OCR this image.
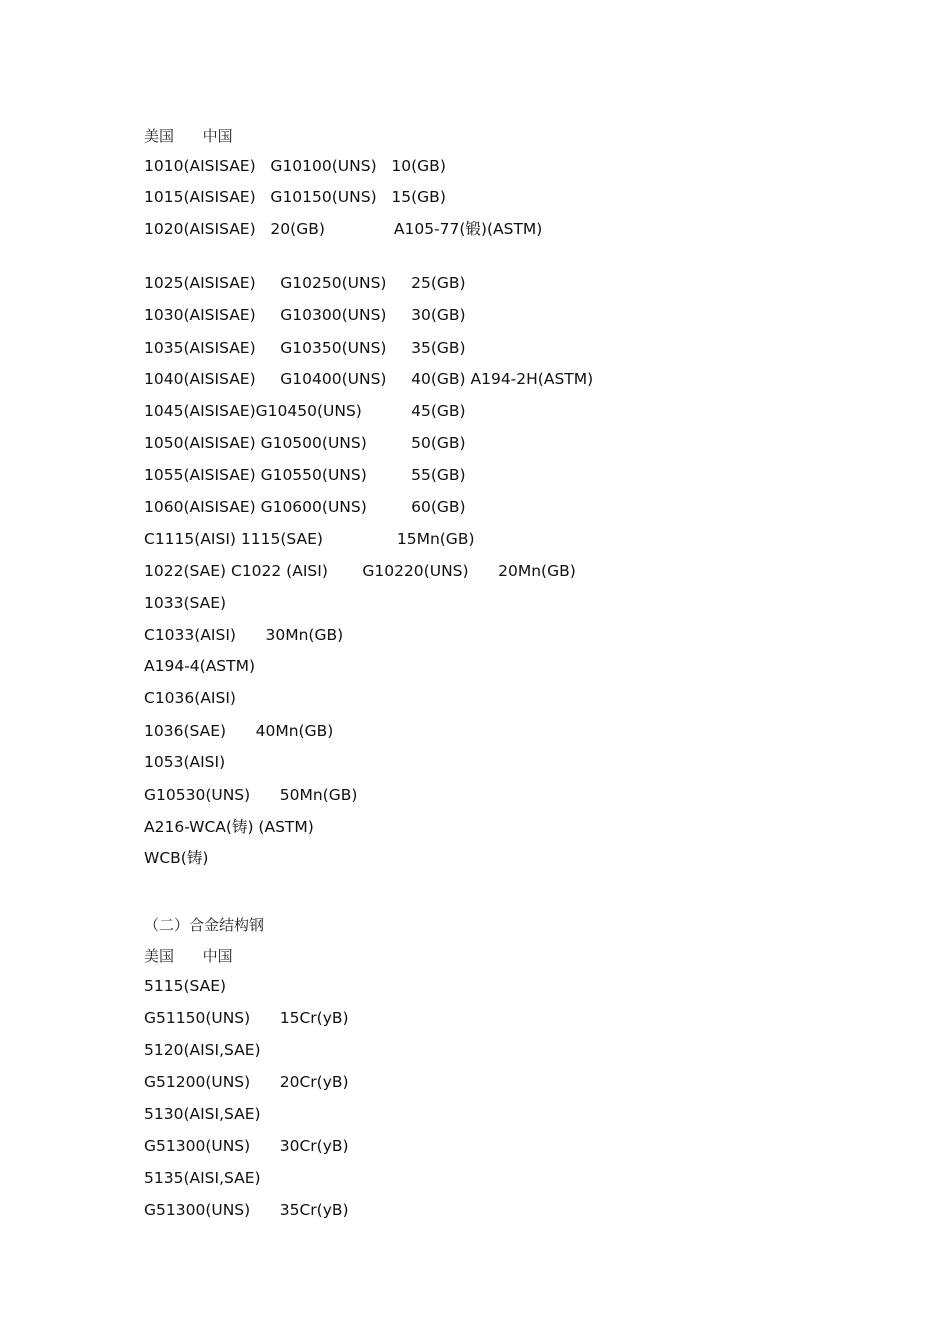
美国      中国
1010(AISISAE)   G10100(UNS)   10(GB)
1015(AISISAE)   G10150(UNS)   15(GB)
1020(AISISAE)   20(GB)              A105-77(锻)(ASTM)
1025(AISISAE)     G10250(UNS)     25(GB)
1030(AISISAE)     G10300(UNS)     30(GB)
1035(AISISAE)     G10350(UNS)     35(GB)
1040(AISISAE)     G10400(UNS)     40(GB) A194-2H(ASTM)
1045(AISISAE)G10450(UNS)          45(GB)
1050(AISISAE) G10500(UNS)         50(GB)
1055(AISISAE) G10550(UNS)         55(GB)
1060(AISISAE) G10600(UNS)         60(GB)
C1115(AISI) 1115(SAE)               15Mn(GB)
1022(SAE) C1022 (AISI)       G10220(UNS)      20Mn(GB)
1033(SAE)
C1033(AISI)      30Mn(GB)
A194-4(ASTM)
C1036(AISI)
1036(SAE)      40Mn(GB)
1053(AISI)
G10530(UNS)      50Mn(GB)
A216-WCA(铸) (ASTM)
WCB(铸)
（二）合金结构钢
美国      中国
5115(SAE)
G51150(UNS)      15Cr(yB)
5120(AISI,SAE)
G51200(UNS)      20Cr(yB)
5130(AISI,SAE)
G51300(UNS)      30Cr(yB)
5135(AISI,SAE)
G51300(UNS)      35Cr(yB)
